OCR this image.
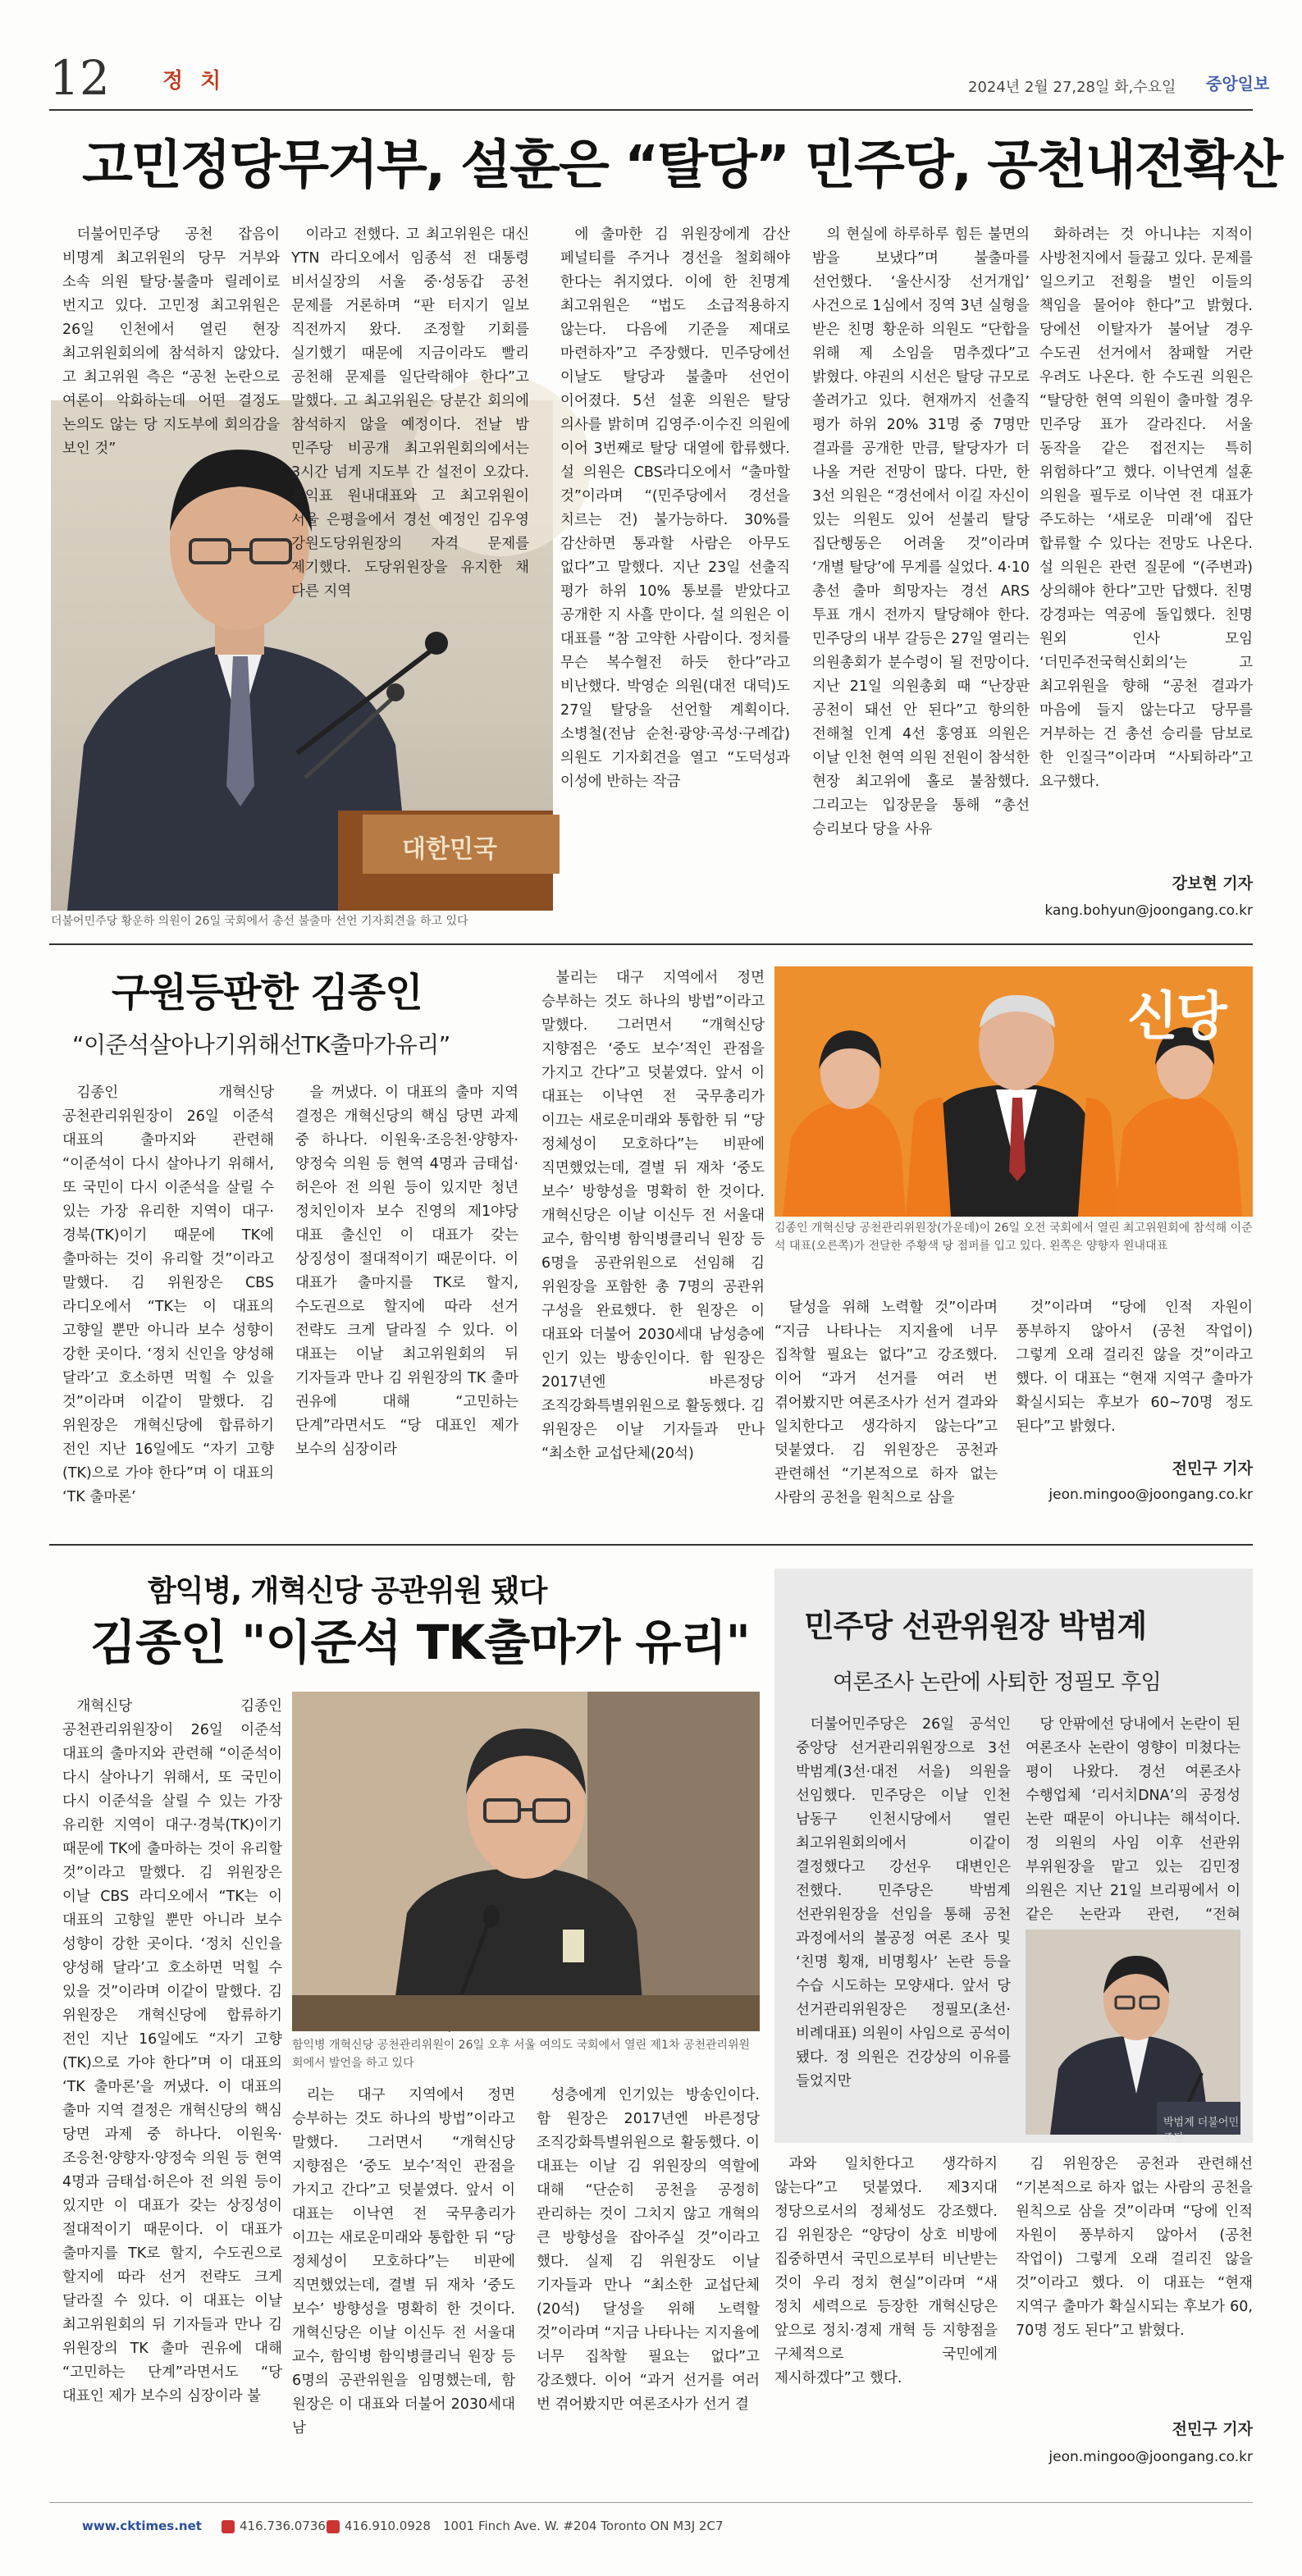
12 정 치	2024년 2월 27,28일 화,수요일 중앙일보
고민정당무거부, 설훈은 “탈당” 민주당, 공천내전확산
대한민국

더불어민주당 공천 잡음이 비명계 최고위원의 당무 거부와 소속 의원 탈당·불출마 릴레이로 번지고 있다. 고민정 최고위원은 26일 인천에서 열린 현장 최고위원회의에 참석하지 않았다. 고 최고위원 측은 “공천 논란으로 여론이 악화하는데 어떤 결정도 논의도 않는 당 지도부에 회의감을 보인 것”

이라고 전했다. 고 최고위원은 대신 YTN 라디오에서 임종석 전 대통령 비서실장의 서울 중·성동갑 공천 문제를 거론하며 “판 터지기 일보 직전까지 왔다. 조정할 기회를 실기했기 때문에 지금이라도 빨리 공천해 문제를 일단락해야 한다”고 말했다. 고 최고위원은 당분간 회의에 참석하지 않을 예정이다. 전날 밤 민주당 비공개 최고위원회의에서는 3시간 넘게 지도부 간 설전이 오갔다. 홍익표 원내대표와 고 최고위원이 서울 은평을에서 경선 예정인 김우영 강원도당위원장의 자격 문제를 제기했다. 도당위원장을 유지한 채 다른 지역

에 출마한 김 위원장에게 감산 페널티를 주거나 경선을 철회해야 한다는 취지였다. 이에 한 친명계 최고위원은 “법도 소급적용하지 않는다. 다음에 기준을 제대로 마련하자”고 주장했다. 민주당에선 이날도 탈당과 불출마 선언이 이어졌다. 5선 설훈 의원은 탈당 의사를 밝히며 김영주·이수진 의원에 이어 3번째로 탈당 대열에 합류했다. 설 의원은 CBS라디오에서 “출마할 것”이라며 “(민주당에서 경선을 치르는 건) 불가능하다. 30%를 감산하면 통과할 사람은 아무도 없다”고 말했다. 지난 23일 선출직 평가 하위 10% 통보를 받았다고 공개한 지 사흘 만이다. 설 의원은 이 대표를 “참 고약한 사람이다. 정치를 무슨 복수혈전 하듯 한다”라고 비난했다. 박영순 의원(대전 대덕)도 27일 탈당을 선언할 계획이다. 소병철(전남 순천·광양·곡성·구례갑) 의원도 기자회견을 열고 “도덕성과 이성에 반하는 작금

의 현실에 하루하루 힘든 불면의 밤을 보냈다”며 불출마를 선언했다. ‘울산시장 선거개입’ 사건으로 1심에서 징역 3년 실형을 받은 친명 황운하 의원도 “단합을 위해 제 소임을 멈추겠다”고 밝혔다. 야권의 시선은 탈당 규모로 쏠려가고 있다. 현재까지 선출직 평가 하위 20% 31명 중 7명만 결과를 공개한 만큼, 탈당자가 더 나올 거란 전망이 많다. 다만, 한 3선 의원은 “경선에서 이길 자신이 있는 의원도 있어 섣불리 탈당 집단행동은 어려울 것”이라며 ‘개별 탈당’에 무게를 실었다. 4·10 총선 출마 희망자는 경선 ARS 투표 개시 전까지 탈당해야 한다. 민주당의 내부 갈등은 27일 열리는 의원총회가 분수령이 될 전망이다. 지난 21일 의원총회 때 “난장판 공천이 돼선 안 된다”고 항의한 전해철 인계 4선 홍영표 의원은 이날 인천 현역 의원 전원이 참석한 현장 최고위에 홀로 불참했다. 그리고는 입장문을 통해 “총선 승리보다 당을 사유

화하려는 것 아니냐는 지적이 사방천지에서 들끓고 있다. 문제를 일으키고 전횡을 벌인 이들의 책임을 물어야 한다”고 밝혔다. 당에선 이탈자가 불어날 경우 수도권 선거에서 참패할 거란 우려도 나온다. 한 수도권 의원은 “탈당한 현역 의원이 출마할 경우 민주당 표가 갈라진다. 서울 동작을 같은 접전지는 특히 위험하다”고 했다. 이낙연계 설훈 의원을 필두로 이낙연 전 대표가 주도하는 ‘새로운 미래’에 집단 합류할 수 있다는 전망도 나온다. 설 의원은 관련 질문에 “(주변과) 상의해야 한다”고만 답했다. 친명 강경파는 역공에 돌입했다. 친명 원외 인사 모임 ‘더민주전국혁신회의’는 고 최고위원을 향해 “공천 결과가 마음에 들지 않는다고 당무를 거부하는 건 총선 승리를 담보로 한 인질극”이라며 “사퇴하라”고 요구했다.

더불어민주당 황운하 의원이 26일 국회에서 총선 불출마 선언 기자회견을 하고 있다
강보현 기자
kang.bohyun@joongang.co.kr
구원등판한 김종인
“이준석살아나기위해선TK출마가유리”

김종인 개혁신당 공천관리위원장이 26일 이준석 대표의 출마지와 관련해 “이준석이 다시 살아나기 위해서, 또 국민이 다시 이준석을 살릴 수 있는 가장 유리한 지역이 대구·경북(TK)이기 때문에 TK에 출마하는 것이 유리할 것”이라고 말했다. 김 위원장은 CBS 라디오에서 “TK는 이 대표의 고향일 뿐만 아니라 보수 성향이 강한 곳이다. ‘정치 신인을 양성해 달라’고 호소하면 먹힐 수 있을 것”이라며 이같이 말했다. 김 위원장은 개혁신당에 합류하기 전인 지난 16일에도 “자기 고향(TK)으로 가야 한다”며 이 대표의 ‘TK 출마론’

을 꺼냈다. 이 대표의 출마 지역 결정은 개혁신당의 핵심 당면 과제 중 하나다. 이원욱·조응천·양향자·양정숙 의원 등 현역 4명과 금태섭·허은아 전 의원 등이 있지만 청년 정치인이자 보수 진영의 제1야당 대표 출신인 이 대표가 갖는 상징성이 절대적이기 때문이다. 이 대표가 출마지를 TK로 할지, 수도권으로 할지에 따라 선거 전략도 크게 달라질 수 있다. 이 대표는 이날 최고위원회의 뒤 기자들과 만나 김 위원장의 TK 출마 권유에 대해 “고민하는 단계”라면서도 “당 대표인 제가 보수의 심장이라

불리는 대구 지역에서 정면 승부하는 것도 하나의 방법”이라고 말했다. 그러면서 “개혁신당 지향점은 ‘중도 보수’적인 관점을 가지고 간다”고 덧붙였다. 앞서 이 대표는 이낙연 전 국무총리가 이끄는 새로운미래와 통합한 뒤 “당 정체성이 모호하다”는 비판에 직면했었는데, 결별 뒤 재차 ‘중도 보수’ 방향성을 명확히 한 것이다. 개혁신당은 이날 이신두 전 서울대 교수, 함익병 함익병클리닉 원장 등 6명을 공관위원으로 선임해 김 위원장을 포함한 총 7명의 공관위 구성을 완료했다. 한 원장은 이 대표와 더불어 2030세대 남성층에 인기 있는 방송인이다. 함 원장은 2017년엔 바른정당 조직강화특별위원으로 활동했다. 김 위원장은 이날 기자들과 만나 “최소한 교섭단체(20석)

신당
김종인 개혁신당 공천관리위원장(가운데)이 26일 오전 국회에서 열린 최고위원회에 참석해 이준석 대표(오른쪽)가 전달한 주황색 당 점퍼를 입고 있다. 왼쪽은 양향자 원내대표

달성을 위해 노력할 것”이라며 “지금 나타나는 지지율에 너무 집착할 필요는 없다”고 강조했다. 이어 “과거 선거를 여러 번 겪어봤지만 여론조사가 선거 결과와 일치한다고 생각하지 않는다”고 덧붙였다. 김 위원장은 공천과 관련해선 “기본적으로 하자 없는 사람의 공천을 원칙으로 삼을

것”이라며 “당에 인적 자원이 풍부하지 않아서 (공천 작업이) 그렇게 오래 걸리진 않을 것”이라고 했다. 이 대표는 “현재 지역구 출마가 확실시되는 후보가 60~70명 정도 된다”고 밝혔다.

전민구 기자
jeon.mingoo@joongang.co.kr
함익병, 개혁신당 공관위원 됐다
김종인 "이준석 TK출마가 유리"

개혁신당 김종인 공천관리위원장이 26일 이준석 대표의 출마지와 관련해 “이준석이 다시 살아나기 위해서, 또 국민이 다시 이준석을 살릴 수 있는 가장 유리한 지역이 대구·경북(TK)이기 때문에 TK에 출마하는 것이 유리할 것”이라고 말했다. 김 위원장은 이날 CBS 라디오에서 “TK는 이 대표의 고향일 뿐만 아니라 보수 성향이 강한 곳이다. ‘정치 신인을 양성해 달라’고 호소하면 먹힐 수 있을 것”이라며 이같이 말했다. 김 위원장은 개혁신당에 합류하기 전인 지난 16일에도 “자기 고향(TK)으로 가야 한다”며 이 대표의 ‘TK 출마론’을 꺼냈다. 이 대표의 출마 지역 결정은 개혁신당의 핵심 당면 과제 중 하나다. 이원욱·조응천·양향자·양정숙 의원 등 현역 4명과 금태섭·허은아 전 의원 등이 있지만 이 대표가 갖는 상징성이 절대적이기 때문이다. 이 대표가 출마지를 TK로 할지, 수도권으로 할지에 따라 선거 전략도 크게 달라질 수 있다. 이 대표는 이날 최고위원회의 뒤 기자들과 만나 김 위원장의 TK 출마 권유에 대해 “고민하는 단계”라면서도 “당 대표인 제가 보수의 심장이라 불

함익병 개혁신당 공천관리위원이 26일 오후 서울 여의도 국회에서 열린 제1차 공천관리위원회에서 발언을 하고 있다

리는 대구 지역에서 정면 승부하는 것도 하나의 방법”이라고 말했다. 그러면서 “개혁신당 지향점은 ‘중도 보수’적인 관점을 가지고 간다”고 덧붙였다. 앞서 이 대표는 이낙연 전 국무총리가 이끄는 새로운미래와 통합한 뒤 “당 정체성이 모호하다”는 비판에 직면했었는데, 결별 뒤 재차 ‘중도 보수’ 방향성을 명확히 한 것이다. 개혁신당은 이날 이신두 전 서울대 교수, 함익병 함익병클리닉 원장 등 6명의 공관위원을 임명했는데, 함 원장은 이 대표와 더불어 2030세대 남

성층에게 인기있는 방송인이다. 함 원장은 2017년엔 바른정당 조직강화특별위원으로 활동했다. 이 대표는 이날 김 위원장의 역할에 대해 “단순히 공천을 공정히 관리하는 것이 그치지 않고 개혁의 큰 방향성을 잡아주실 것”이라고 했다. 실제 김 위원장도 이날 기자들과 만나 “최소한 교섭단체(20석) 달성을 위해 노력할 것”이라며 “지금 나타나는 지지율에 너무 집착할 필요는 없다”고 강조했다. 이어 “과거 선거를 여러 번 겪어봤지만 여론조사가 선거 결

민주당 선관위원장 박범계
여론조사 논란에 사퇴한 정필모 후임

더불어민주당은 26일 공석인 중앙당 선거관리위원장으로 3선 박범계(3선·대전 서을) 의원을 선임했다. 민주당은 이날 인천 남동구 인천시당에서 열린 최고위원회의에서 이같이 결정했다고 강선우 대변인은 전했다. 민주당은 박범계 선관위원장을 선임을 통해 공천 과정에서의 불공정 여론 조사 및 ‘친명 횡재, 비명횡사’ 논란 등을 수습 시도하는 모양새다. 앞서 당 선거관리위원장은 정필모(초선·비례대표) 의원이 사임으로 공석이 됐다. 정 의원은 건강상의 이유를 들었지만

당 안팎에선 당내에서 논란이 된 여론조사 논란이 영향이 미쳤다는 평이 나왔다. 경선 여론조사 수행업체 ‘리서치DNA’의 공정성 논란 때문이 아니냐는 해석이다. 정 의원의 사임 이후 선관위 부위원장을 맡고 있는 김민정 의원은 지난 21일 브리핑에서 이 같은 논란과 관련, “전혀

박범계 더불어민주당

과와 일치한다고 생각하지 않는다”고 덧붙였다. 제3지대 정당으로서의 정체성도 강조했다. 김 위원장은 “양당이 상호 비방에 집중하면서 국민으로부터 비난받는 것이 우리 정치 현실”이라며 “새 정치 세력으로 등장한 개혁신당은 앞으로 정치·경제 개혁 등 지향점을 구체적으로 국민에게 제시하겠다”고 했다.

김 위원장은 공천과 관련해선 “기본적으로 하자 없는 사람의 공천을 원칙으로 삼을 것”이라며 “당에 인적 자원이 풍부하지 않아서 (공천 작업이) 그렇게 오래 걸리진 않을 것”이라고 했다. 이 대표는 “현재 지역구 출마가 확실시되는 후보가 60, 70명 정도 된다”고 밝혔다.

전민구 기자
jeon.mingoo@joongang.co.kr
www.cktimes.net	416.736.0736 416.910.0928 1001 Finch Ave. W. #204 Toronto ON M3J 2C7
